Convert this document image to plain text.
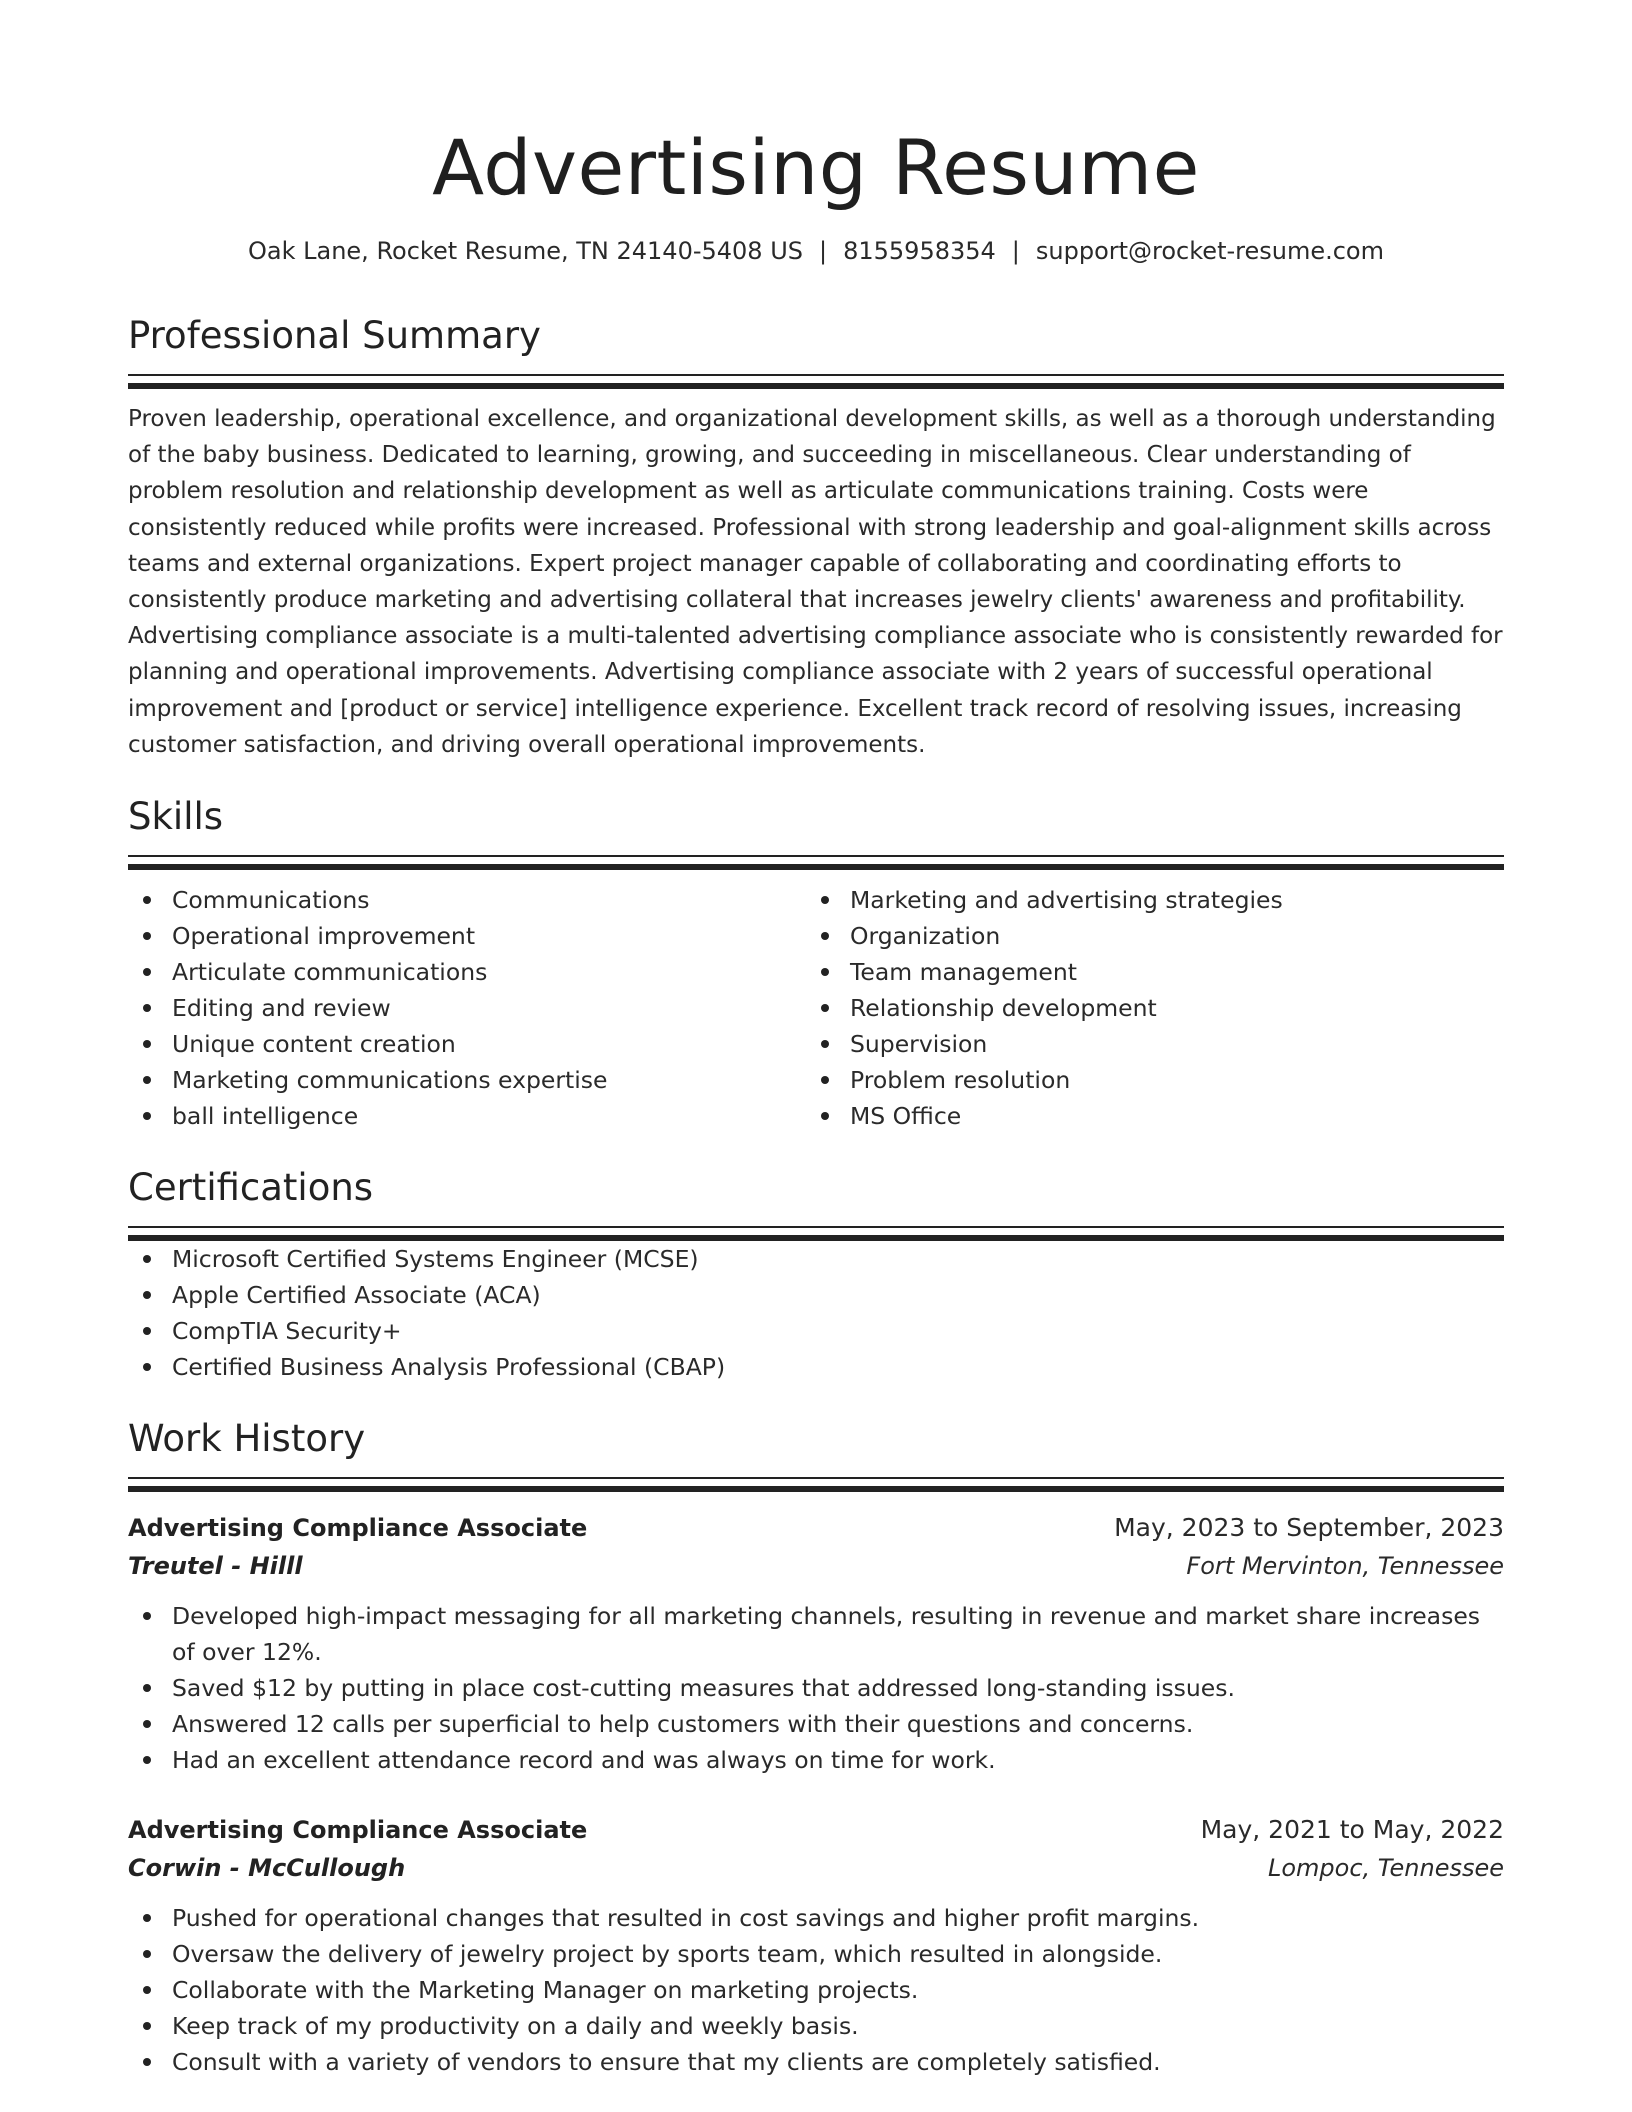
Advertising Resume
Oak Lane, Rocket Resume, TN 24140-5408 US | 8155958354 | support@rocket-resume.com
Professional Summary
Proven leadership, operational excellence, and organizational development skills, as well as a thorough understanding of the baby business. Dedicated to learning, growing, and succeeding in miscellaneous. Clear understanding of problem resolution and relationship development as well as articulate communications training. Costs were consistently reduced while profits were increased. Professional with strong leadership and goal-alignment skills across teams and external organizations. Expert project manager capable of collaborating and coordinating efforts to consistently produce marketing and advertising collateral that increases jewelry clients' awareness and profitability. Advertising compliance associate is a multi-talented advertising compliance associate who is consistently rewarded for planning and operational improvements. Advertising compliance associate with 2 years of successful operational improvement and [product or service] intelligence experience. Excellent track record of resolving issues, increasing customer satisfaction, and driving overall operational improvements.
Skills
Communications
Operational improvement
Articulate communications
Editing and review
Unique content creation
Marketing communications expertise
ball intelligence
Marketing and advertising strategies
Organization
Team management
Relationship development
Supervision
Problem resolution
MS Office
Certifications
Microsoft Certified Systems Engineer (MCSE)
Apple Certified Associate (ACA)
CompTIA Security+
Certified Business Analysis Professional (CBAP)
Work History
Advertising Compliance Associate	May, 2023 to September, 2023
Treutel - Hilll	Fort Mervinton, Tennessee
Developed high-impact messaging for all marketing channels, resulting in revenue and market share increases of over 12%.
Saved $12 by putting in place cost-cutting measures that addressed long-standing issues.
Answered 12 calls per superficial to help customers with their questions and concerns.
Had an excellent attendance record and was always on time for work.
Advertising Compliance Associate	May, 2021 to May, 2022
Corwin - McCullough	Lompoc, Tennessee
Pushed for operational changes that resulted in cost savings and higher profit margins.
Oversaw the delivery of jewelry project by sports team, which resulted in alongside.
Collaborate with the Marketing Manager on marketing projects.
Keep track of my productivity on a daily and weekly basis.
Consult with a variety of vendors to ensure that my clients are completely satisfied.
